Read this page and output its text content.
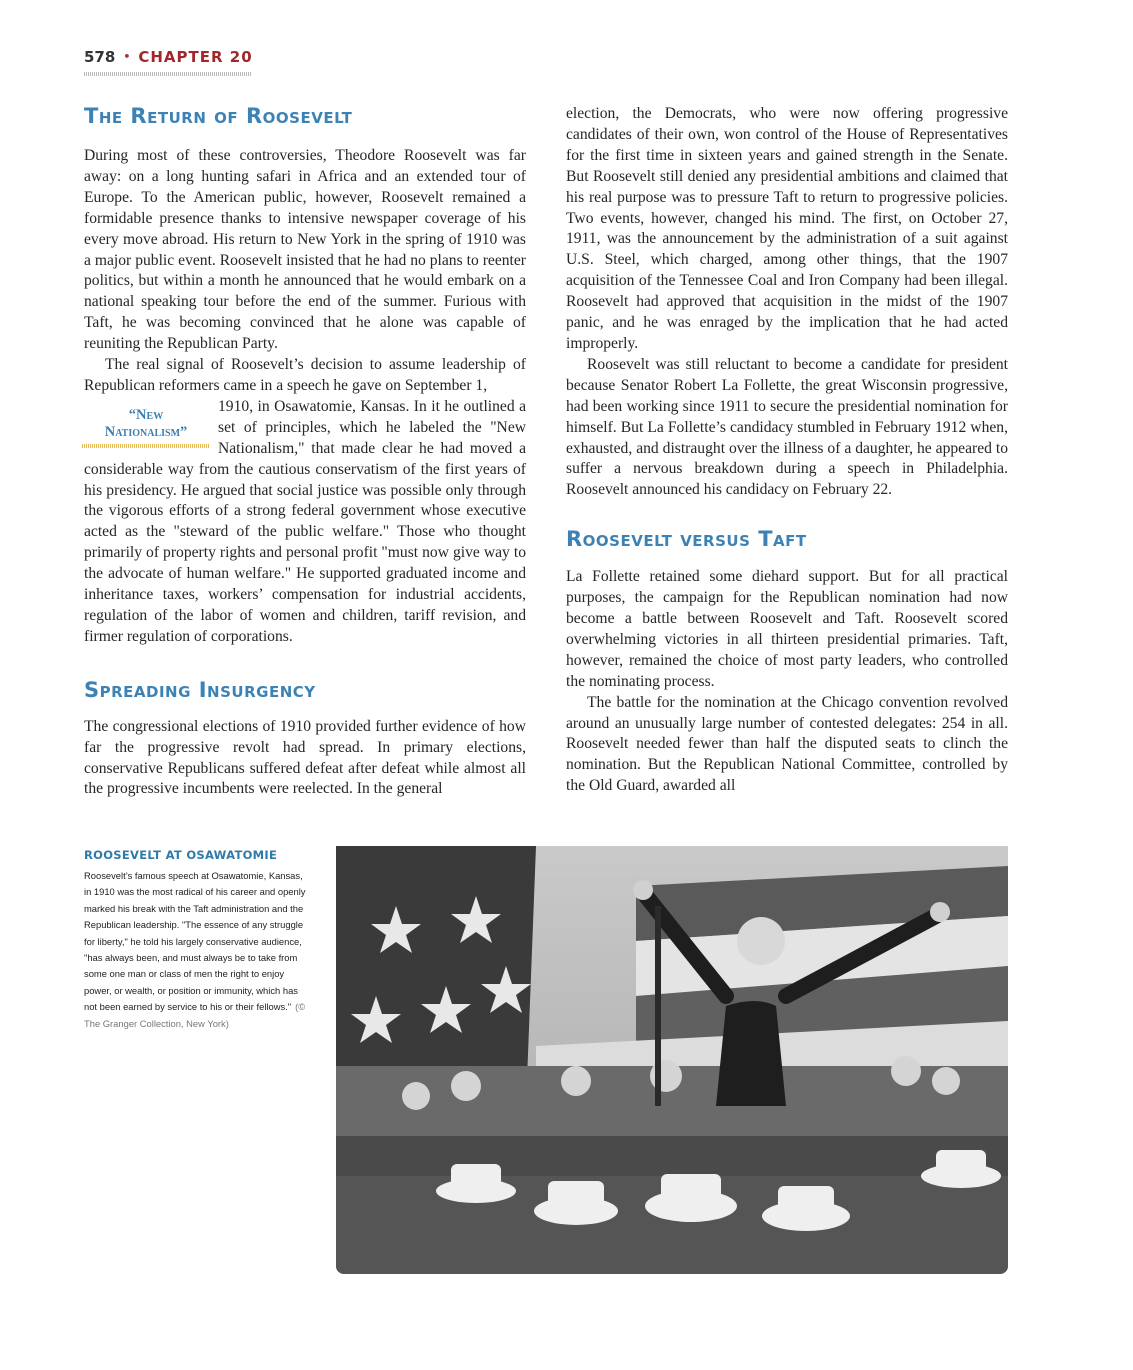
578 • CHAPTER 20
The Return of Roosevelt

During most of these controversies, Theodore Roosevelt was far away: on a long hunting safari in Africa and an extended tour of Europe. To the American public, however, Roosevelt remained a formidable presence thanks to intensive newspaper coverage of his every move abroad. His return to New York in the spring of 1910 was a major public event. Roosevelt insisted that he had no plans to reenter politics, but within a month he announced that he would embark on a national speaking tour before the end of the summer. Furious with Taft, he was becoming convinced that he alone was capable of reuniting the Republican Party.

The real signal of Roosevelt’s decision to assume leadership of Republican reformers came in a speech he gave on September 1,

“New
Nationalism”

1910, in Osawatomie, Kansas. In it he outlined a set of principles, which he labeled the "New Nationalism," that made clear he had moved a considerable way from the cautious conservatism of the first years of his presidency. He argued that social justice was possible only through the vigorous efforts of a strong federal government whose executive acted as the "steward of the public welfare." Those who thought primarily of property rights and personal profit "must now give way to the advocate of human welfare." He supported graduated income and inheritance taxes, workers’ compensation for industrial accidents, regulation of the labor of women and children, tariff revision, and firmer regulation of corporations.

Spreading Insurgency

The congressional elections of 1910 provided further evidence of how far the progressive revolt had spread. In primary elections, conservative Republicans suffered defeat after defeat while almost all the progressive incumbents were reelected. In the general

election, the Democrats, who were now offering progressive candidates of their own, won control of the House of Representatives for the first time in sixteen years and gained strength in the Senate. But Roosevelt still denied any presidential ambitions and claimed that his real purpose was to pressure Taft to return to progressive policies. Two events, however, changed his mind. The first, on October 27, 1911, was the announcement by the administration of a suit against U.S. Steel, which charged, among other things, that the 1907 acquisition of the Tennessee Coal and Iron Company had been illegal. Roosevelt had approved that acquisition in the midst of the 1907 panic, and he was enraged by the implication that he had acted improperly.

Roosevelt was still reluctant to become a candidate for president because Senator Robert La Follette, the great Wisconsin progressive, had been working since 1911 to secure the presidential nomination for himself. But La Follette’s candidacy stumbled in February 1912 when, exhausted, and distraught over the illness of a daughter, he appeared to suffer a nervous breakdown during a speech in Philadelphia. Roosevelt announced his candidacy on February 22.

Roosevelt versus Taft

La Follette retained some diehard support. But for all practical purposes, the campaign for the Republican nomination had now become a battle between Roosevelt and Taft. Roosevelt scored overwhelming victories in all thirteen presidential primaries. Taft, however, remained the choice of most party leaders, who controlled the nominating process.

The battle for the nomination at the Chicago convention revolved around an unusually large number of contested delegates: 254 in all. Roosevelt needed fewer than half the disputed seats to clinch the nomination. But the Republican National Committee, controlled by the Old Guard, awarded all

ROOSEVELT AT OSAWATOMIE
Roosevelt’s famous speech at Osawatomie, Kansas, in 1910 was the most radical of his career and openly marked his break with the Taft administration and the Republican leadership. "The essence of any struggle for liberty," he told his largely conservative audience, "has always been, and must always be to take from some one man or class of men the right to enjoy power, or wealth, or position or immunity, which has not been earned by service to his or their fellows." (© The Granger Collection, New York)
